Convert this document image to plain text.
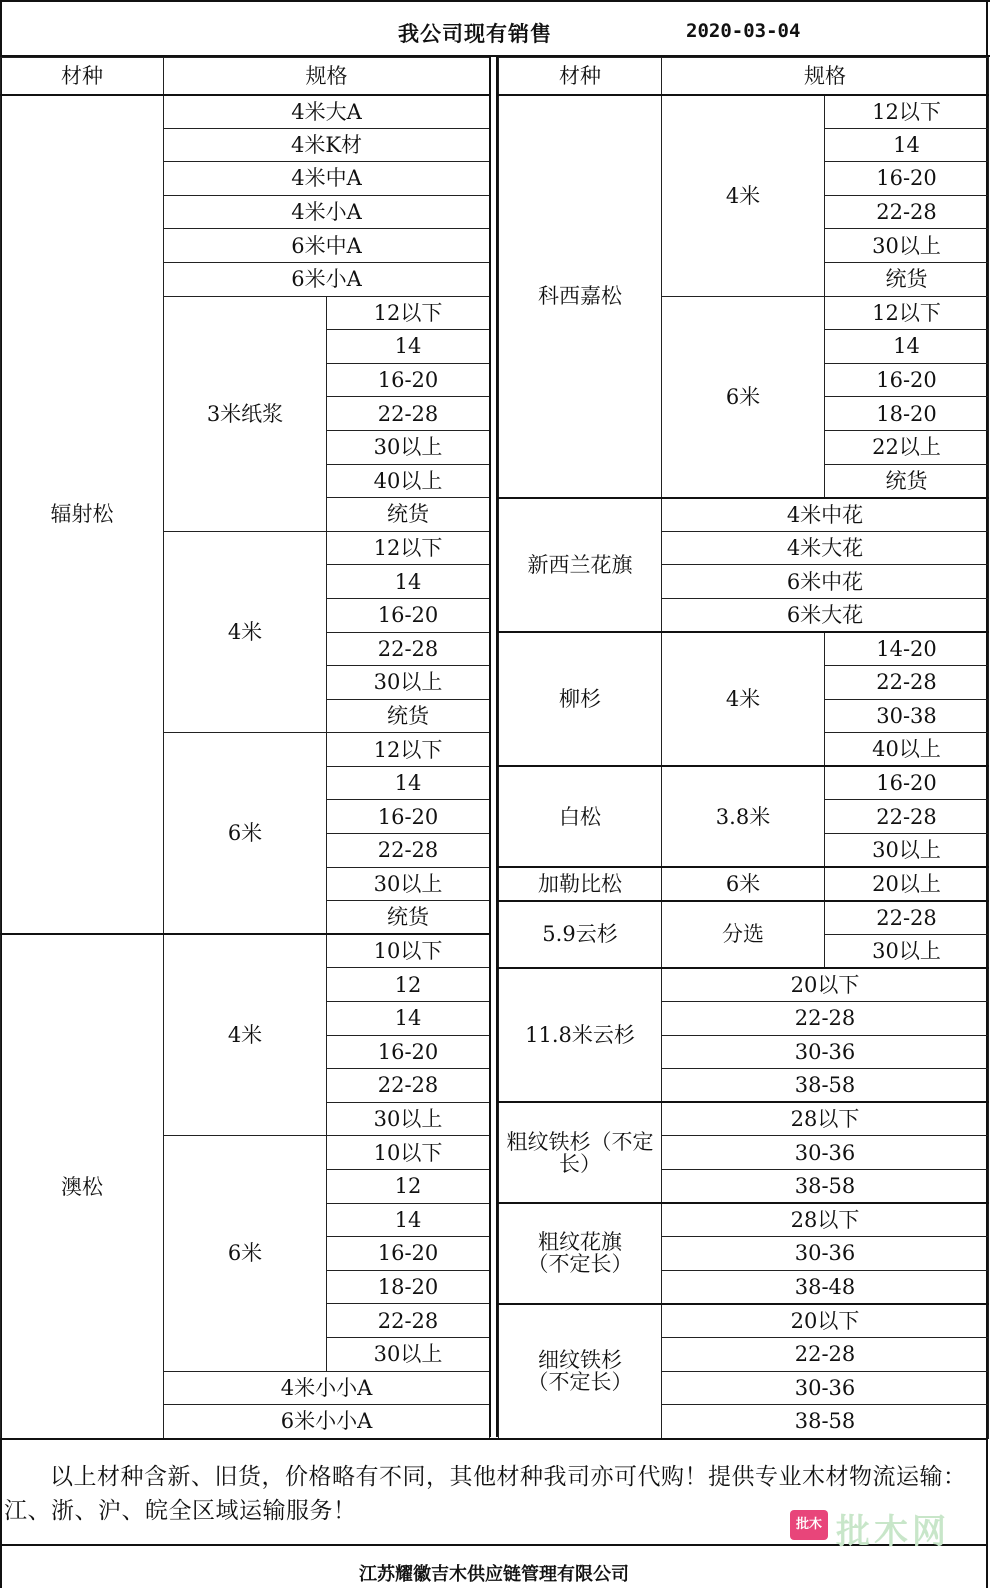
我公司现有销售	2020-03-04
材种	规格	
辐射松	4米大A	
	4米K材	
	4米中A	
	4米小A	
	6米中A	
	6米小A	
	3米纸浆	12以下
		14
		16-20
		22-28
		30以上
		40以上
		统货
	4米	12以下
		14
		16-20
		22-28
		30以上
		统货
	6米	12以下
		14
		16-20
		22-28
		30以上
		统货
澳松	4米	10以下
		12
		14
		16-20
		22-28
		30以上
	6米	10以下
		12
		14
		16-20
		18-20
		22-28
		30以上
	4米小小A	
	6米小小A	
材种	规格	
科西嘉松	4米	12以下
		14
		16-20
		22-28
		30以上
		统货
	6米	12以下
		14
		16-20
		18-20
		22以上
		统货
新西兰花旗	4米中花	
	4米大花	
	6米中花	
	6米大花	
柳杉	4米	14-20
		22-28
		30-38
		40以上
白松	3.8米	16-20
		22-28
		30以上
加勒比松	6米	20以上
5.9云杉	分选	22-28
		30以上
11.8米云杉	20以下	
	22-28	
	30-36	
	38-58	
粗纹铁杉（不定长）	28以下	
	30-36	
	38-58	

粗纹花旗
（不定长）	28以下	
	30-36	
	38-48	

细纹铁杉
（不定长）	20以下	
	22-28	
	30-36	
	38-58	

以上材种含新、旧货，价格略有不同，其他材种我司亦可代购！提供专业木材物流运输：江、浙、沪、皖全区域运输服务！

批木 批木网
江苏耀徽吉木供应链管理有限公司
